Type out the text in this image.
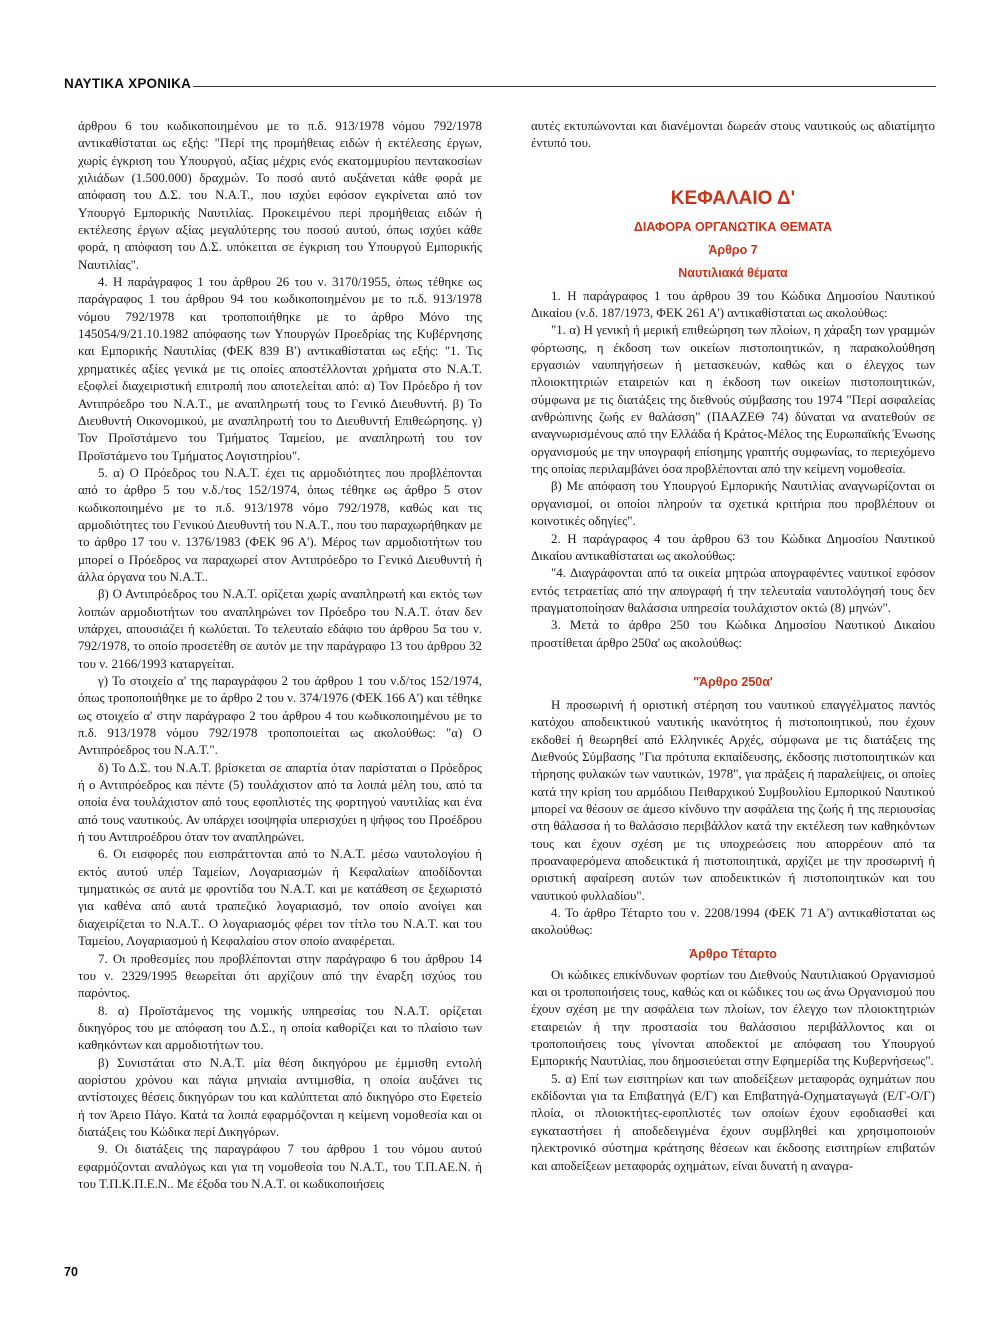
ΝΑΥΤΙΚΑ ΧΡΟΝΙΚΑ

άρθρου 6 του κωδικοποιημένου με το π.δ. 913/1978 νόμου 792/1978 αντικαθίσταται ως εξής: "Περί της προμήθειας ειδών ή εκτέλεσης έργων, χωρίς έγκριση του Υπουργού, αξίας μέχρις ενός εκατομμυρίου πεντακοσίων χιλιάδων (1.500.000) δραχμών. Το ποσό αυτό αυξάνεται κάθε φορά με απόφαση του Δ.Σ. του Ν.Α.Τ., που ισχύει εφόσον εγκρίνεται από τον Υπουργό Εμπορικής Ναυτιλίας. Προκειμένου περί προμήθειας ειδών ή εκτέλεσης έργων αξίας μεγαλύτερης του ποσού αυτού, όπως ισχύει κάθε φορά, η απόφαση του Δ.Σ. υπόκειται σε έγκριση του Υπουργού Εμπορικής Ναυτιλίας".

4. Η παράγραφος 1 του άρθρου 26 του ν. 3170/1955, όπως τέθηκε ως παράγραφος 1 του άρθρου 94 του κωδικοποιημένου με το π.δ. 913/1978 νόμου 792/1978 και τροποποιήθηκε με το άρθρο Μόνο της 145054/9/21.10.1982 απόφασης των Υπουργών Προεδρίας της Κυβέρνησης και Εμπορικής Ναυτιλίας (ΦΕΚ 839 Β') αντικαθίσταται ως εξής: "1. Τις χρηματικές αξίες γενικά με τις οποίες αποστέλλονται χρήματα στο Ν.Α.Τ. εξοφλεί διαχειριστική επιτροπή που αποτελείται από: α) Τον Πρόεδρο ή τον Αντιπρόεδρο του Ν.Α.Τ., με αναπληρωτή τους το Γενικό Διευθυντή. β) Το Διευθυντή Οικονομικού, με αναπληρωτή του το Διευθυντή Επιθεώρησης. γ) Τον Προϊστάμενο του Τμήματος Ταμείου, με αναπληρωτή του τον Προϊστάμενο του Τμήματος Λογιστηρίου".

5. α) Ο Πρόεδρος του Ν.Α.Τ. έχει τις αρμοδιότητες που προβλέπονται από το άρθρο 5 του ν.δ./τος 152/1974, όπως τέθηκε ως άρθρο 5 στον κωδικοποιημένο με το π.δ. 913/1978 νόμο 792/1978, καθώς και τις αρμοδιότητες του Γενικού Διευθυντή του Ν.Α.Τ., που του παραχωρήθηκαν με το άρθρο 17 του ν. 1376/1983 (ΦΕΚ 96 Α'). Μέρος των αρμοδιοτήτων του μπορεί ο Πρόεδρος να παραχωρεί στον Αντιπρόεδρο το Γενικό Διευθυντή ή άλλα όργανα του Ν.Α.Τ..

β) Ο Αντιπρόεδρος του Ν.Α.Τ. ορίζεται χωρίς αναπληρωτή και εκτός των λοιπών αρμοδιοτήτων του αναπληρώνει τον Πρόεδρο του Ν.Α.Τ. όταν δεν υπάρχει, απουσιάζει ή κωλύεται. Το τελευταίο εδάφιο του άρθρου 5α του ν. 792/1978, το οποίο προσετέθη σε αυτόν με την παράγραφο 13 του άρθρου 32 του ν. 2166/1993 καταργείται.

γ) Το στοιχείο α' της παραγράφου 2 του άρθρου 1 του ν.δ/τος 152/1974, όπως τροποποιήθηκε με το άρθρο 2 του ν. 374/1976 (ΦΕΚ 166 Α') και τέθηκε ως στοιχείο α' στην παράγραφο 2 του άρθρου 4 του κωδικοποιημένου με το π.δ. 913/1978 νόμου 792/1978 τροποποιείται ως ακολούθως: "α) Ο Αντιπρόεδρος του Ν.Α.Τ.".

δ) Το Δ.Σ. του Ν.Α.Τ. βρίσκεται σε απαρτία όταν παρίσταται ο Πρόεδρος ή ο Αντιπρόεδρος και πέντε (5) τουλάχιστον από τα λοιπά μέλη του, από τα οποία ένα τουλάχιστον από τους εφοπλιστές της φορτηγού ναυτιλίας και ένα από τους ναυτικούς. Αν υπάρχει ισοψηφία υπερισχύει η ψήφος του Προέδρου ή του Αντιπροέδρου όταν τον αναπληρώνει.

6. Οι εισφορές που εισπράττονται από το Ν.Α.Τ. μέσω ναυτολογίου ή εκτός αυτού υπέρ Ταμείων, Λογαριασμών ή Κεφαλαίων αποδίδονται τμηματικώς σε αυτά με φροντίδα του Ν.Α.Τ. και με κατάθεση σε ξεχωριστό για καθένα από αυτά τραπεζικό λογαριασμό, τον οποίο ανοίγει και διαχειρίζεται το Ν.Α.Τ.. Ο λογαριασμός φέρει τον τίτλο του Ν.Α.Τ. και του Ταμείου, Λογαριασμού ή Κεφαλαίου στον οποίο αναφέρεται.

7. Οι προθεσμίες που προβλέπονται στην παράγραφο 6 του άρθρου 14 του ν. 2329/1995 θεωρείται ότι αρχίζουν από την έναρξη ισχύος του παρόντος.

8. α) Προϊστάμενος της νομικής υπηρεσίας του Ν.Α.Τ. ορίζεται δικηγόρος του με απόφαση του Δ.Σ., η οποία καθορίζει και το πλαίσιο των καθηκόντων και αρμοδιοτήτων του.

β) Συνιστάται στο Ν.Α.Τ. μία θέση δικηγόρου με έμμισθη εντολή αορίστου χρόνου και πάγια μηνιαία αντιμισθία, η οποία αυξάνει τις αντίστοιχες θέσεις δικηγόρων του και καλύπτεται από δικηγόρο στο Εφετείο ή τον Άρειο Πάγο. Κατά τα λοιπά εφαρμόζονται η κείμενη νομοθεσία και οι διατάξεις του Κώδικα περί Δικηγόρων.

9. Οι διατάξεις της παραγράφου 7 του άρθρου 1 του νόμου αυτού εφαρμόζονται αναλόγως και για τη νομοθεσία του Ν.Α.Τ., του Τ.Π.ΑΕ.Ν. ή του Τ.Π.Κ.Π.Ε.Ν.. Με έξοδα του Ν.Α.Τ. οι κωδικοποιήσεις

αυτές εκτυπώνονται και διανέμονται δωρεάν στους ναυτικούς ως αδιατίμητο έντυπό του.

ΚΕΦΑΛΑΙΟ Δ'
ΔΙΑΦΟΡΑ ΟΡΓΑΝΩΤΙΚΑ ΘΕΜΑΤΑ
Άρθρο 7
Ναυτιλιακά θέματα

1. Η παράγραφος 1 του άρθρου 39 του Κώδικα Δημοσίου Ναυτικού Δικαίου (ν.δ. 187/1973, ΦΕΚ 261 Α') αντικαθίσταται ως ακολούθως:

"1. α) Η γενική ή μερική επιθεώρηση των πλοίων, η χάραξη των γραμμών φόρτωσης, η έκδοση των οικείων πιστοποιητικών, η παρακολούθηση εργασιών ναυπηγήσεων ή μετασκευών, καθώς και ο έλεγχος των πλοιοκτητριών εταιρειών και η έκδοση των οικείων πιστοποιητικών, σύμφωνα με τις διατάξεις της διεθνούς σύμβασης του 1974 "Περί ασφαλείας ανθρώπινης ζωής εν θαλάσση" (ΠΑΑΖΕΘ 74) δύναται να ανατεθούν σε αναγνωρισμένους από την Ελλάδα ή Κράτος-Μέλος της Ευρωπαϊκής Ένωσης οργανισμούς με την υπογραφή επίσημης γραπτής συμφωνίας, το περιεχόμενο της οποίας περιλαμβάνει όσα προβλέπονται από την κείμενη νομοθεσία.

β) Με απόφαση του Υπουργού Εμπορικής Ναυτιλίας αναγνωρίζονται οι οργανισμοί, οι οποίοι πληρούν τα σχετικά κριτήρια που προβλέπουν οι κοινοτικές οδηγίες".

2. Η παράγραφος 4 του άρθρου 63 του Κώδικα Δημοσίου Ναυτικού Δικαίου αντικαθίσταται ως ακολούθως:

"4. Διαγράφονται από τα οικεία μητρώα απογραφέντες ναυτικοί εφόσον εντός τετραετίας από την απογραφή ή την τελευταία ναυτολόγησή τους δεν πραγματοποίησαν θαλάσσια υπηρεσία τουλάχιστον οκτώ (8) μηνών".

3. Μετά το άρθρο 250 του Κώδικα Δημοσίου Ναυτικού Δικαίου προστίθεται άρθρο 250α' ως ακολούθως:

"Άρθρο 250α'

Η προσωρινή ή οριστική στέρηση του ναυτικού επαγγέλματος παντός κατόχου αποδεικτικού ναυτικής ικανότητος ή πιστοποιητικού, που έχουν εκδοθεί ή θεωρηθεί από Ελληνικές Αρχές, σύμφωνα με τις διατάξεις της Διεθνούς Σύμβασης "Για πρότυπα εκπαίδευσης, έκδοσης πιστοποιητικών και τήρησης φυλακών των ναυτικών, 1978", για πράξεις ή παραλείψεις, οι οποίες κατά την κρίση του αρμόδιου Πειθαρχικού Συμβουλίου Εμπορικού Ναυτικού μπορεί να θέσουν σε άμεσο κίνδυνο την ασφάλεια της ζωής ή της περιουσίας στη θάλασσα ή το θαλάσσιο περιβάλλον κατά την εκτέλεση των καθηκόντων τους και έχουν σχέση με τις υποχρεώσεις που απορρέουν από τα προαναφερόμενα αποδεικτικά ή πιστοποιητικά, αρχίζει με την προσωρινή ή οριστική αφαίρεση αυτών των αποδεικτικών ή πιστοποιητικών και του ναυτικού φυλλαδίου".

4. Το άρθρο Τέταρτο του ν. 2208/1994 (ΦΕΚ 71 Α') αντικαθίσταται ως ακολούθως:

Άρθρο Τέταρτο

Οι κώδικες επικίνδυνων φορτίων του Διεθνούς Ναυτιλιακού Οργανισμού και οι τροποποιήσεις τους, καθώς και οι κώδικες του ως άνω Οργανισμού που έχουν σχέση με την ασφάλεια των πλοίων, τον έλεγχο των πλοιοκτητριών εταιρειών ή την προστασία του θαλάσσιου περιβάλλοντος και οι τροποποιήσεις τους γίνονται αποδεκτοί με απόφαση του Υπουργού Εμπορικής Ναυτιλίας, που δημοσιεύεται στην Εφημερίδα της Κυβερνήσεως".

5. α) Επί των εισιτηρίων και των αποδείξεων μεταφοράς οχημάτων που εκδίδονται για τα Επιβατηγά (Ε/Γ) και Επιβατηγά-Οχηματαγωγά (Ε/Γ-Ο/Γ) πλοία, οι πλοιοκτήτες-εφοπλιστές των οποίων έχουν εφοδιασθεί και εγκαταστήσει ή αποδεδειγμένα έχουν συμβληθεί και χρησιμοποιούν ηλεκτρονικό σύστημα κράτησης θέσεων και έκδοσης εισιτηρίων επιβατών και αποδείξεων μεταφοράς οχημάτων, είναι δυνατή η αναγρα-

70
